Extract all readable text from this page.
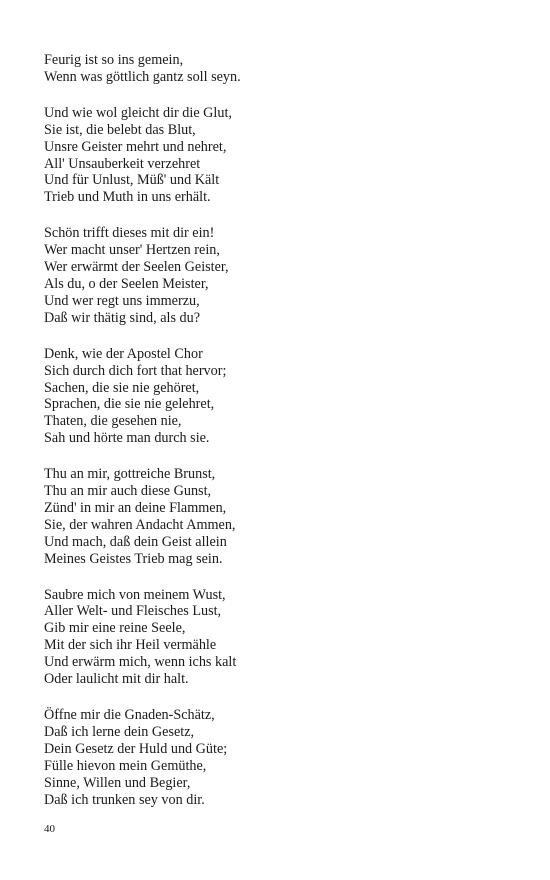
Feurig ist so ins gemein,
Wenn was göttlich gantz soll seyn.
Und wie wol gleicht dir die Glut,
Sie ist, die belebt das Blut,
Unsre Geister mehrt und nehret,
All' Unsauberkeit verzehret
Und für Unlust, Müß' und Kält
Trieb und Muth in uns erhält.
Schön trifft dieses mit dir ein!
Wer macht unser' Hertzen rein,
Wer erwärmt der Seelen Geister,
Als du, o der Seelen Meister,
Und wer regt uns immerzu,
Daß wir thätig sind, als du?
Denk, wie der Apostel Chor
Sich durch dich fort that hervor;
Sachen, die sie nie gehöret,
Sprachen, die sie nie gelehret,
Thaten, die gesehen nie,
Sah und hörte man durch sie.
Thu an mir, gottreiche Brunst,
Thu an mir auch diese Gunst,
Zünd' in mir an deine Flammen,
Sie, der wahren Andacht Ammen,
Und mach, daß dein Geist allein
Meines Geistes Trieb mag sein.
Saubre mich von meinem Wust,
Aller Welt- und Fleisches Lust,
Gib mir eine reine Seele,
Mit der sich ihr Heil vermähle
Und erwärm mich, wenn ichs kalt
Oder laulicht mit dir halt.
Öffne mir die Gnaden-Schätz,
Daß ich lerne dein Gesetz,
Dein Gesetz der Huld und Güte;
Fülle hievon mein Gemüthe,
Sinne, Willen und Begier,
Daß ich trunken sey von dir.
40
